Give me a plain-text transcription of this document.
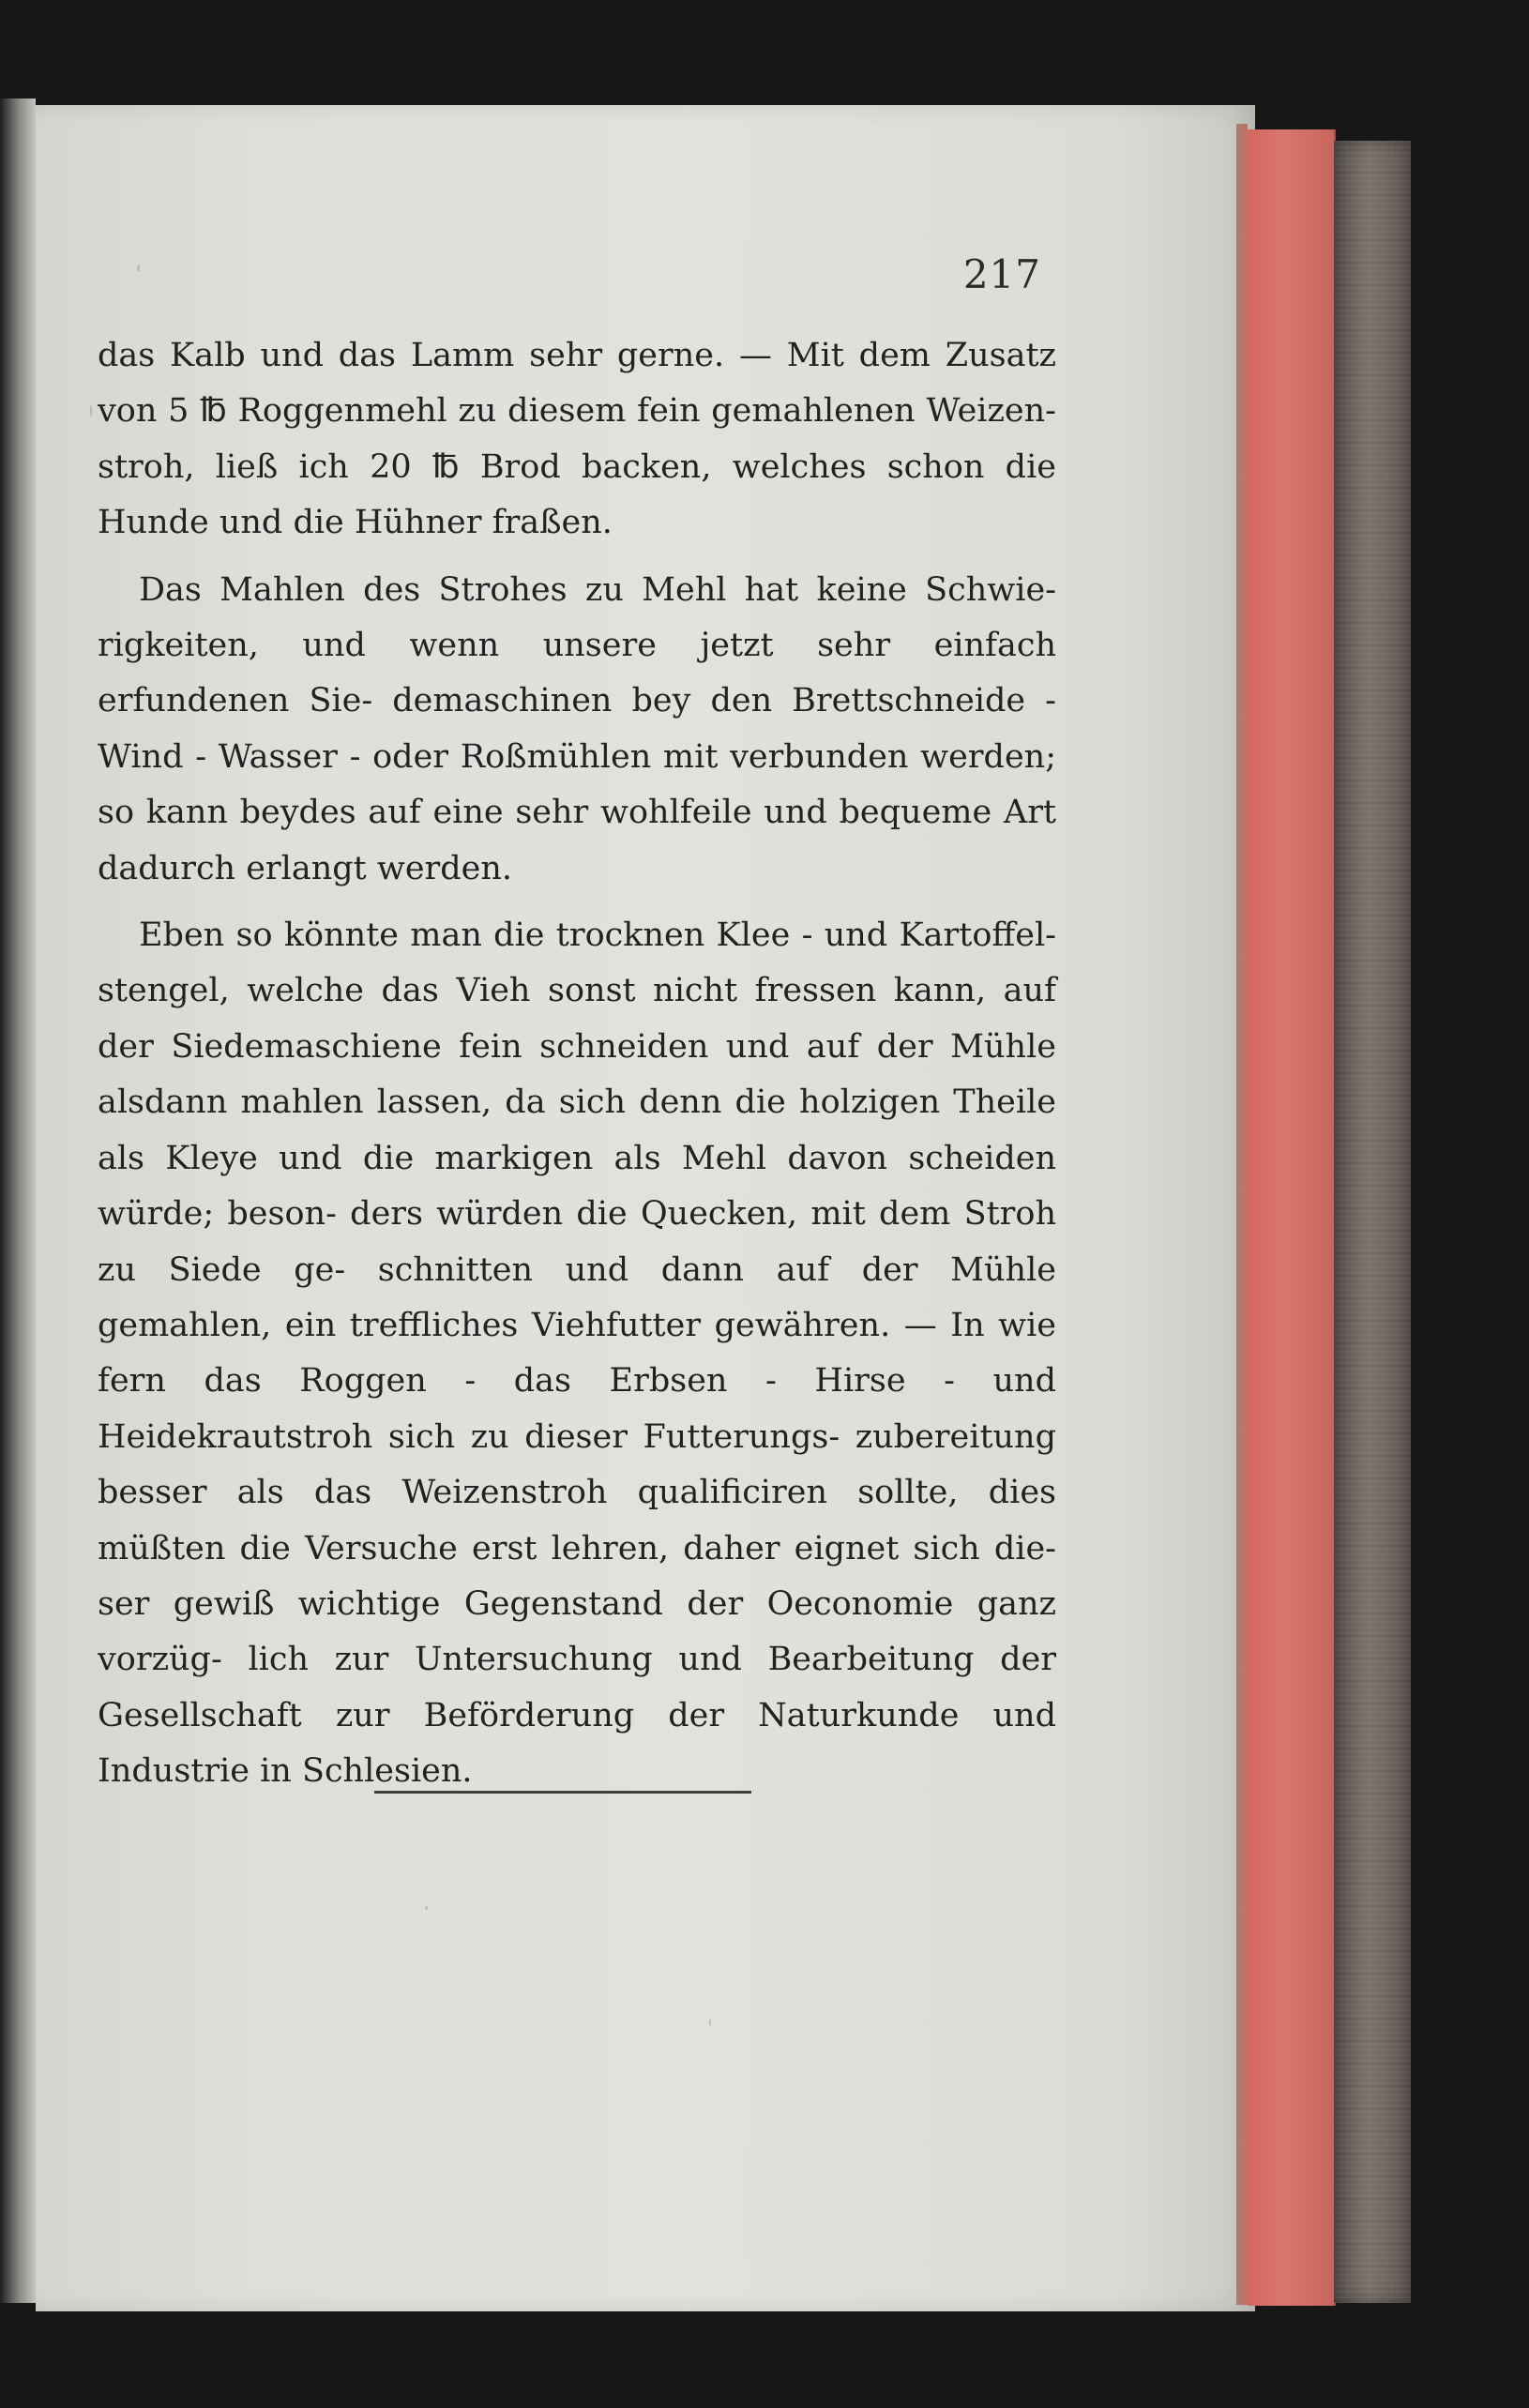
217

das Kalb und das Lamm sehr gerne. — Mit dem Zusatz von 5 ℔ Roggenmehl zu diesem fein gemahlenen Weizen- stroh, ließ ich 20 ℔ Brod backen, welches schon die Hunde und die Hühner fraßen.

Das Mahlen des Strohes zu Mehl hat keine Schwie- rigkeiten, und wenn unsere jetzt sehr einfach erfundenen Sie- demaschinen bey den Brettschneide - Wind - Wasser - oder Roßmühlen mit verbunden werden; so kann beydes auf eine sehr wohlfeile und bequeme Art dadurch erlangt werden.

Eben so könnte man die trocknen Klee - und Kartoffel- stengel, welche das Vieh sonst nicht fressen kann, auf der Siedemaschiene fein schneiden und auf der Mühle alsdann mahlen lassen, da sich denn die holzigen Theile als Kleye und die markigen als Mehl davon scheiden würde; beson- ders würden die Quecken, mit dem Stroh zu Siede ge- schnitten und dann auf der Mühle gemahlen, ein treffliches Viehfutter gewähren. — In wie fern das Roggen - das Erbsen - Hirse - und Heidekrautstroh sich zu dieser Futterungs- zubereitung besser als das Weizenstroh qualificiren sollte, dies müßten die Versuche erst lehren, daher eignet sich die- ser gewiß wichtige Gegenstand der Oeconomie ganz vorzüg- lich zur Untersuchung und Bearbeitung der Gesellschaft zur Beförderung der Naturkunde und Industrie in Schlesien.
